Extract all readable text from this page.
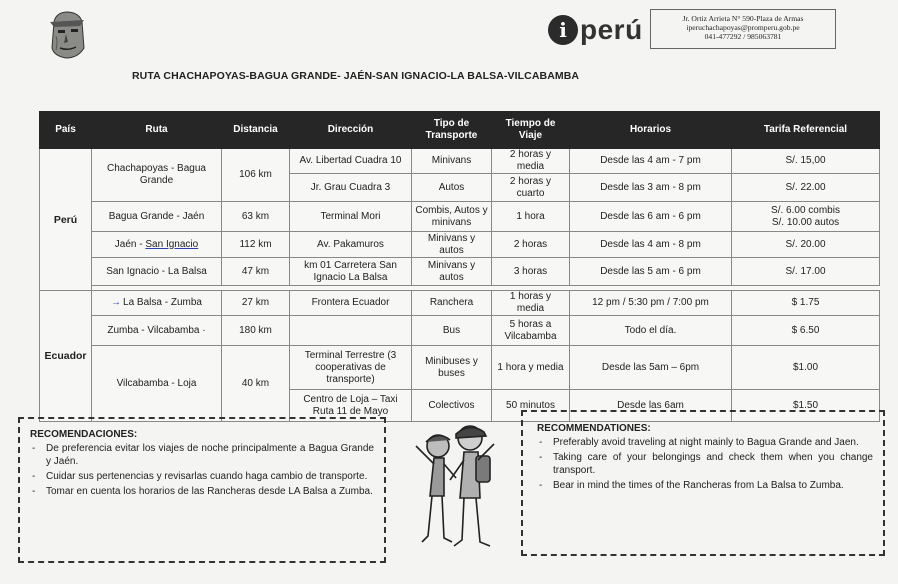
i perú	Jr. Ortiz Arrieta N° 590-Plaza de Armas
iperuchachapoyas@promperu.gob.pe
041-477292 / 985063781
RUTA CHACHAPOYAS-BAGUA GRANDE- JAÉN-SAN IGNACIO-LA BALSA-VILCABAMBA
País	Ruta	Distancia	Dirección	Tipo de Transporte	Tiempo de Viaje	Horarios	Tarifa Referencial
Perú	Chachapoyas - Bagua Grande	106 km	Av. Libertad Cuadra 10	Minivans	2 horas y media	Desde las 4 am - 7 pm	S/. 15,00
			Jr. Grau Cuadra 3	Autos	2 horas y cuarto	Desde las 3 am - 8 pm	S/. 22.00
	Bagua Grande - Jaén	63 km	Terminal Mori	Combis, Autos y minivans	1 hora	Desde las 6 am - 6 pm	S/. 6.00 combis
S/. 10.00 autos

	Jaén - San Ignacio	112 km	Av. Pakamuros	Minivans y autos	2 horas	Desde las 4 am - 8 pm	S/. 20.00
	San Ignacio - La Balsa	47 km	km 01 Carretera San Ignacio La Balsa	Minivans y autos	3 horas	Desde las 5 am - 6 pm	S/. 17.00

Ecuador	→ La Balsa - Zumba	27 km	Frontera Ecuador	Ranchera	1 horas y media	12 pm / 5:30 pm / 7:00 pm	$ 1.75
	Zumba - Vilcabamba ·	180 km		Bus	5 horas a Vilcabamba	Todo el día.	$ 6.50
	Vilcabamba - Loja	40 km	Terminal Terrestre (3 cooperativas de transporte)	Minibuses y buses	1 hora y media	Desde las 5am – 6pm	$1.00
			Centro de Loja – Taxi Ruta 11 de Mayo	Colectivos	50 minutos	Desde las 6am	$1.50
RECOMENDACIONES:
- De preferencia evitar los viajes de noche principalmente a Bagua Grande y Jaén.
- Cuidar sus pertenencias y revisarlas cuando haga cambio de transporte.
- Tomar en cuenta los horarios de las Rancheras desde LA Balsa a Zumba.
RECOMMENDATIONES:
- Preferably avoid traveling at night mainly to Bagua Grande and Jaen.
- Taking care of your belongings and check them when you change transport.
- Bear in mind the times of the Rancheras from La Balsa to Zumba.
